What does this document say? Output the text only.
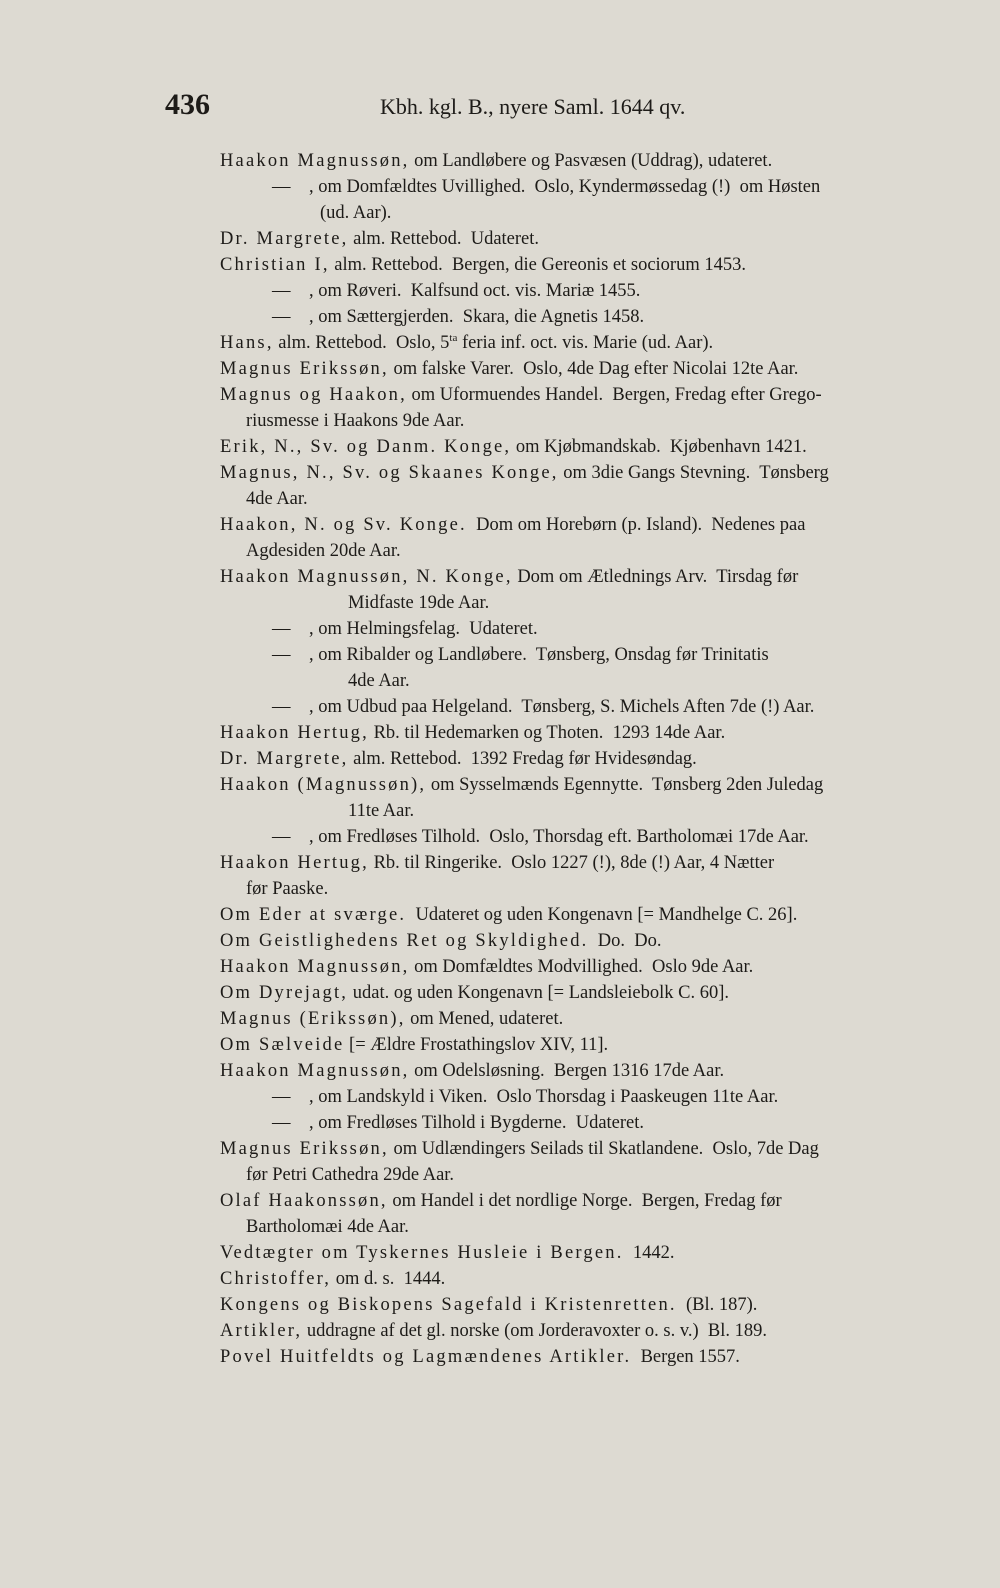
436	Kbh. kgl. B., nyere Saml. 1644 qv.
Haakon Magnussøn, om Landløbere og Pasvæsen (Uddrag), udateret.
—    , om Domfældtes Uvillighed.  Oslo, Kyndermøssedag (!)  om Høsten
(ud. Aar).
Dr. Margrete, alm. Rettebod.  Udateret.
Christian I, alm. Rettebod.  Bergen, die Gereonis et sociorum 1453.
—    , om Røveri.  Kalfsund oct. vis. Mariæ 1455.
—    , om Sættergjerden.  Skara, die Agnetis 1458.
Hans, alm. Rettebod.  Oslo, $5^{ta}$ feria inf. oct. vis. Marie (ud. Aar).
Magnus Erikssøn, om falske Varer.  Oslo, 4de Dag efter Nicolai 12te Aar.
Magnus og Haakon, om Uformuendes Handel.  Bergen, Fredag efter Grego-
riusmesse i Haakons 9de Aar.
Erik, N., Sv. og Danm. Konge, om Kjøbmandskab.  Kjøbenhavn 1421.
Magnus, N., Sv. og Skaanes Konge, om 3die Gangs Stevning.  Tønsberg
4de Aar.
Haakon, N. og Sv. Konge.  Dom om Horebørn (p. Island).  Nedenes paa
Agdesiden 20de Aar.
Haakon Magnussøn, N. Konge, Dom om Ætlednings Arv.  Tirsdag før
Midfaste 19de Aar.
—    , om Helmingsfelag.  Udateret.
—    , om Ribalder og Landløbere.  Tønsberg, Onsdag før Trinitatis
4de Aar.
—    , om Udbud paa Helgeland.  Tønsberg, S. Michels Aften 7de (!) Aar.
Haakon Hertug, Rb. til Hedemarken og Thoten.  1293 14de Aar.
Dr. Margrete, alm. Rettebod.  1392 Fredag før Hvidesøndag.
Haakon (Magnussøn), om Sysselmænds Egennytte.  Tønsberg 2den Juledag
11te Aar.
—    , om Fredløses Tilhold.  Oslo, Thorsdag eft. Bartholomæi 17de Aar.
Haakon Hertug, Rb. til Ringerike.  Oslo 1227 (!), 8de (!) Aar, 4 Nætter
før Paaske.
Om Eder at sværge.  Udateret og uden Kongenavn [= Mandhelge C. 26].
Om Geistlighedens Ret og Skyldighed.  Do.  Do.
Haakon Magnussøn, om Domfældtes Modvillighed.  Oslo 9de Aar.
Om Dyrejagt, udat. og uden Kongenavn [= Landsleiebolk C. 60].
Magnus (Erikssøn), om Mened, udateret.
Om Sælveide [= Ældre Frostathingslov XIV, 11].
Haakon Magnussøn, om Odelsløsning.  Bergen 1316 17de Aar.
—    , om Landskyld i Viken.  Oslo Thorsdag i Paaskeugen 11te Aar.
—    , om Fredløses Tilhold i Bygderne.  Udateret.
Magnus Erikssøn, om Udlændingers Seilads til Skatlandene.  Oslo, 7de Dag
før Petri Cathedra 29de Aar.
Olaf Haakonssøn, om Handel i det nordlige Norge.  Bergen, Fredag før
Bartholomæi 4de Aar.
Vedtægter om Tyskernes Husleie i Bergen.  1442.
Christoffer, om d. s.  1444.
Kongens og Biskopens Sagefald i Kristenretten.  (Bl. 187).
Artikler, uddragne af det gl. norske (om Jorderavoxter o. s. v.)  Bl. 189.
Povel Huitfeldts og Lagmændenes Artikler.  Bergen 1557.
